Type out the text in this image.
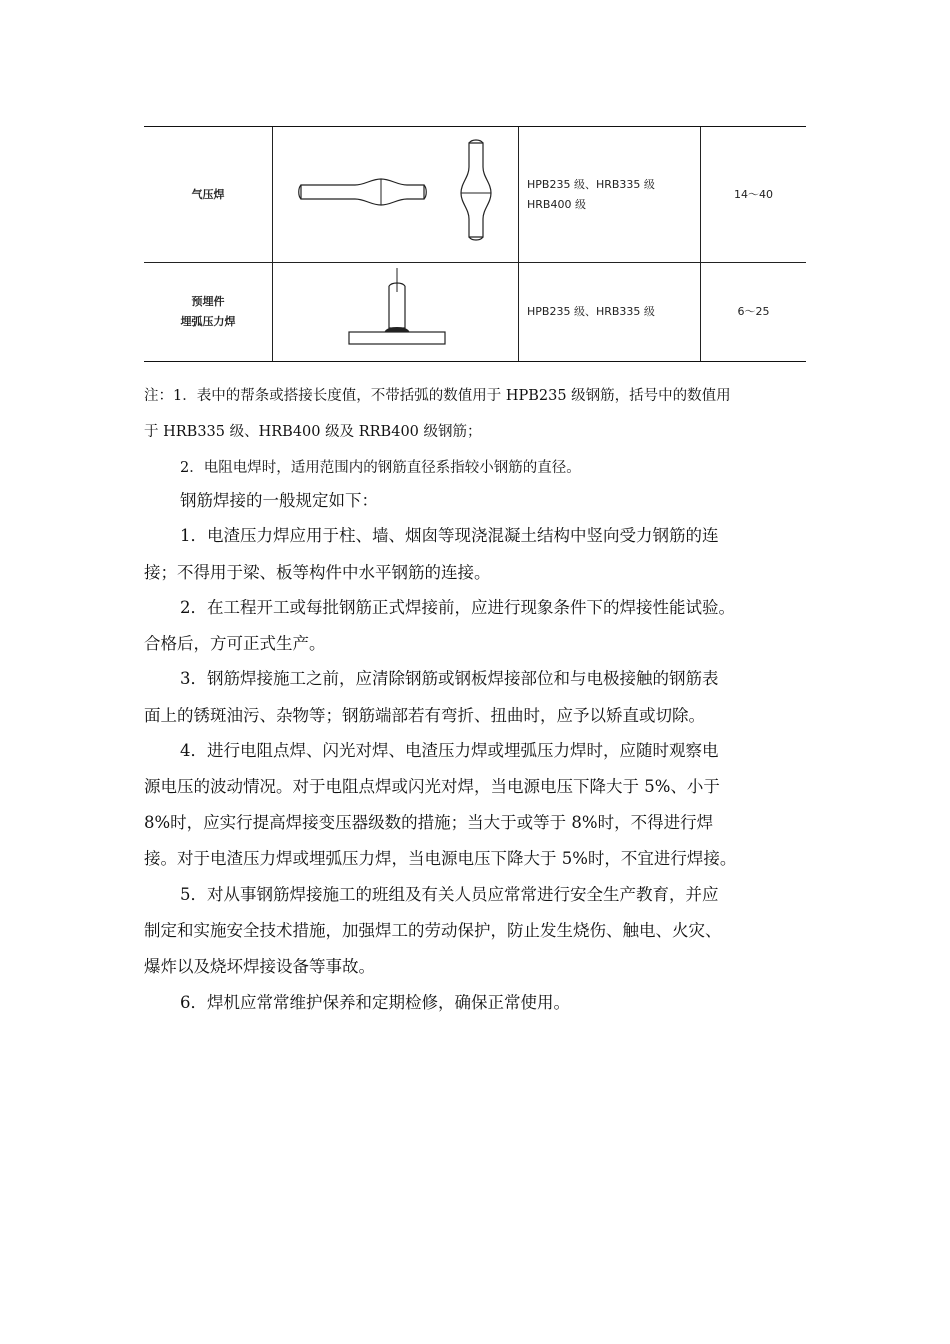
气压焊
HPB235 级、HRB335 级
HRB400 级
14～40
预埋件
埋弧压力焊
HPB235 级、HRB335 级	6～25
注：1．表中的帮条或搭接长度值，不带括弧的数值用于 HPB235 级钢筋，括号中的数值用
于 HRB335 级、HRB400 级及 RRB400 级钢筋；
2．电阻电焊时，适用范围内的钢筋直径系指较小钢筋的直径。
钢筋焊接的一般规定如下：
1．电渣压力焊应用于柱、墙、烟囱等现浇混凝土结构中竖向受力钢筋的连
接；不得用于梁、板等构件中水平钢筋的连接。
2．在工程开工或每批钢筋正式焊接前，应进行现象条件下的焊接性能试验。
合格后，方可正式生产。
3．钢筋焊接施工之前，应清除钢筋或钢板焊接部位和与电极接触的钢筋表
面上的锈斑油污、杂物等；钢筋端部若有弯折、扭曲时，应予以矫直或切除。
4．进行电阻点焊、闪光对焊、电渣压力焊或埋弧压力焊时，应随时观察电
源电压的波动情况。对于电阻点焊或闪光对焊，当电源电压下降大于 5%、小于
8%时，应实行提高焊接变压器级数的措施；当大于或等于 8%时，不得进行焊
接。对于电渣压力焊或埋弧压力焊，当电源电压下降大于 5%时，不宜进行焊接。
5．对从事钢筋焊接施工的班组及有关人员应常常进行安全生产教育，并应
制定和实施安全技术措施，加强焊工的劳动保护，防止发生烧伤、触电、火灾、
爆炸以及烧坏焊接设备等事故。
6．焊机应常常维护保养和定期检修，确保正常使用。
